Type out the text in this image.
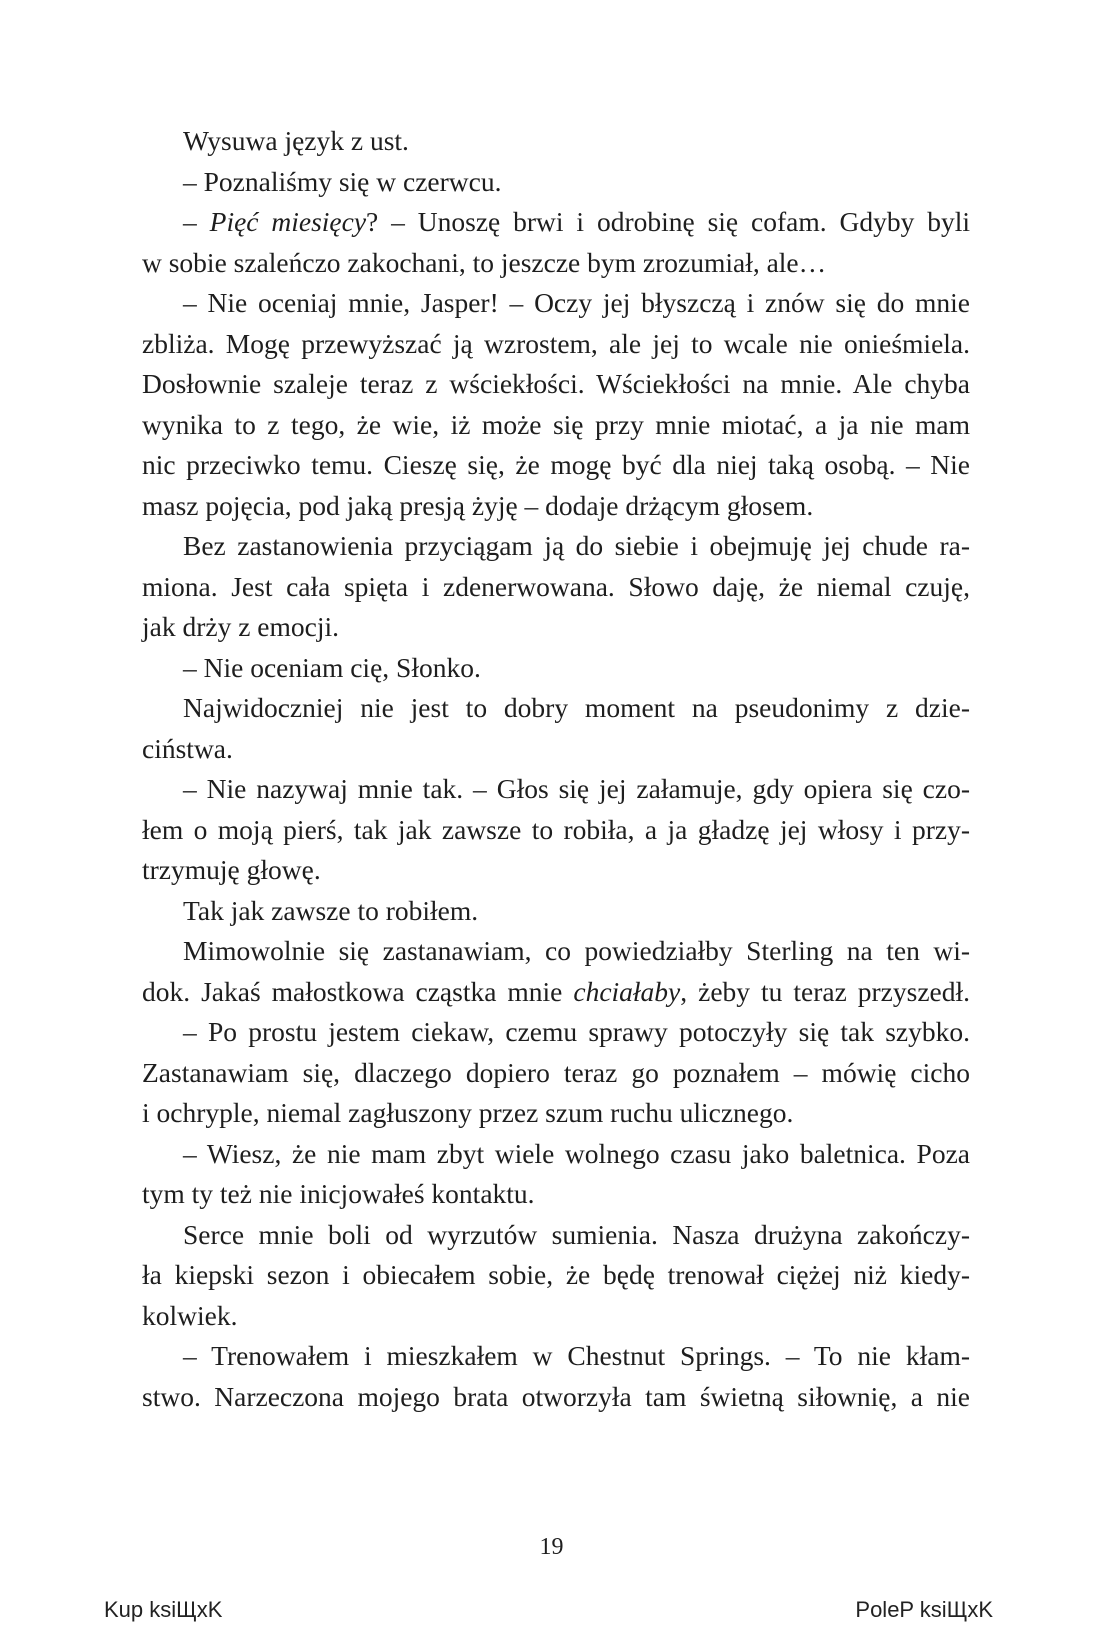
Wysuwa język z ust.
– Poznaliśmy się w czerwcu.
– Pięć miesięcy? – Unoszę brwi i odrobinę się cofam. Gdyby byli
w sobie szaleńczo zakochani, to jeszcze bym zrozumiał, ale…
– Nie oceniaj mnie, Jasper! – Oczy jej błyszczą i znów się do mnie
zbliża. Mogę przewyższać ją wzrostem, ale jej to wcale nie onieśmiela.
Dosłownie szaleje teraz z wściekłości. Wściekłości na mnie. Ale chyba
wynika to z tego, że wie, iż może się przy mnie miotać, a ja nie mam
nic przeciwko temu. Cieszę się, że mogę być dla niej taką osobą. – Nie
masz pojęcia, pod jaką presją żyję – dodaje drżącym głosem.
Bez zastanowienia przyciągam ją do siebie i obejmuję jej chude ra-
miona. Jest cała spięta i zdenerwowana. Słowo daję, że niemal czuję,
jak drży z emocji.
– Nie oceniam cię, Słonko.
Najwidoczniej nie jest to dobry moment na pseudonimy z dzie-
ciństwa.
– Nie nazywaj mnie tak. – Głos się jej załamuje, gdy opiera się czo-
łem o moją pierś, tak jak zawsze to robiła, a ja gładzę jej włosy i przy-
trzymuję głowę.
Tak jak zawsze to robiłem.
Mimowolnie się zastanawiam, co powiedziałby Sterling na ten wi-
dok. Jakaś małostkowa cząstka mnie chciałaby, żeby tu teraz przyszedł.
– Po prostu jestem ciekaw, czemu sprawy potoczyły się tak szybko.
Zastanawiam się, dlaczego dopiero teraz go poznałem – mówię cicho
i ochryple, niemal zagłuszony przez szum ruchu ulicznego.
– Wiesz, że nie mam zbyt wiele wolnego czasu jako baletnica. Poza
tym ty też nie inicjowałeś kontaktu.
Serce mnie boli od wyrzutów sumienia. Nasza drużyna zakończy-
ła kiepski sezon i obiecałem sobie, że będę trenował ciężej niż kiedy-
kolwiek.
– Trenowałem i mieszkałem w Chestnut Springs. – To nie kłam-
stwo. Narzeczona mojego brata otworzyła tam świetną siłownię, a nie
19
Kup ksiЩxK	PoleP ksiЩxK
